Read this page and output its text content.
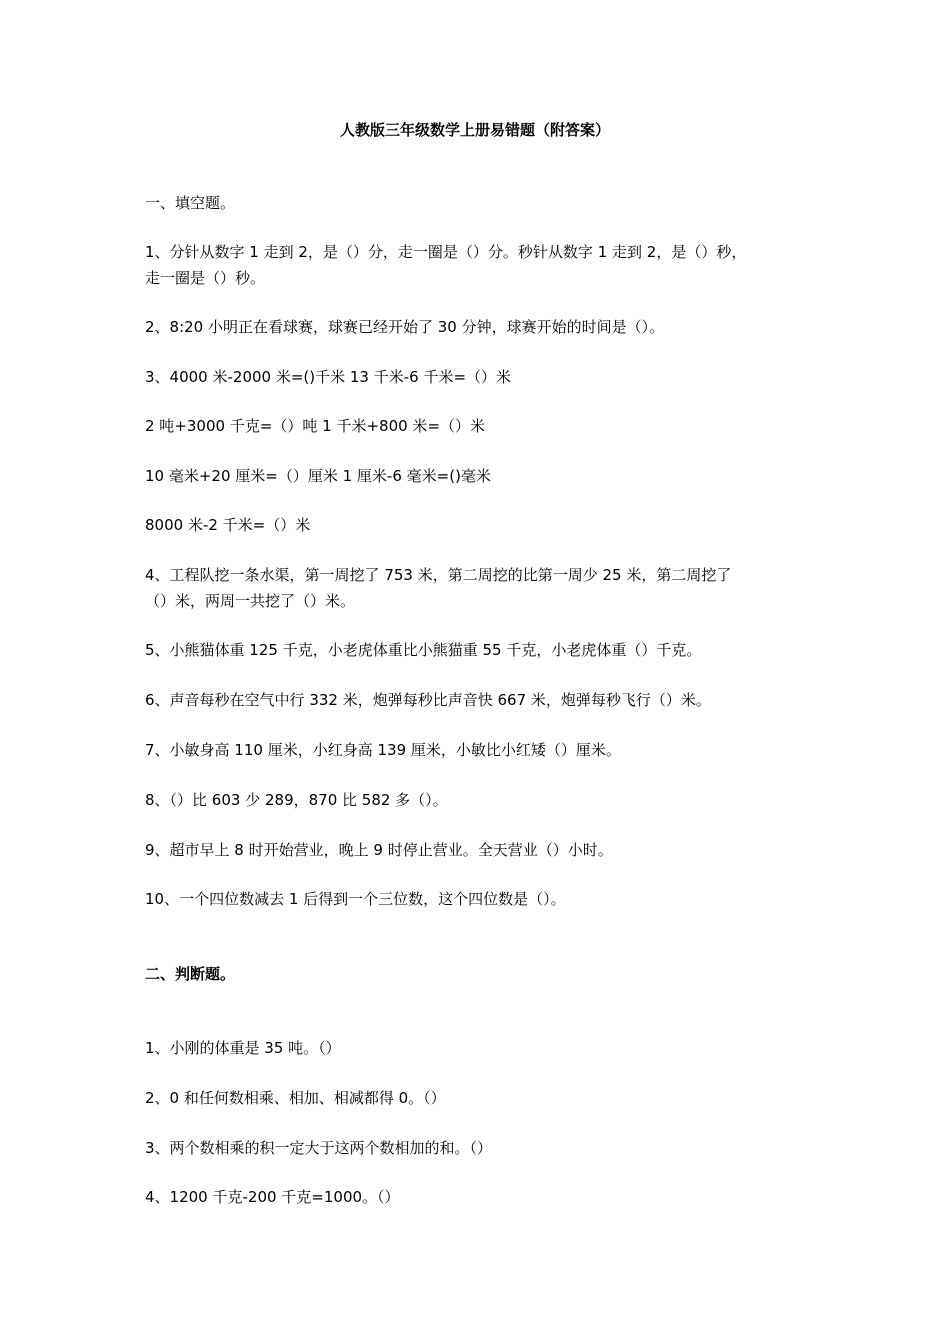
人教版三年级数学上册易错题（附答案）
一、填空题。
1、分针从数字 1 走到 2，是（）分，走一圈是（）分。秒针从数字 1 走到 2，是（）秒，
走一圈是（）秒。
2、8:20 小明正在看球赛，球赛已经开始了 30 分钟，球赛开始的时间是（）。
3、4000 米-2000 米=()千米 13 千米-6 千米=（）米
2 吨+3000 千克=（）吨 1 千米+800 米=（）米
10 毫米+20 厘米=（）厘米 1 厘米-6 毫米=()毫米
8000 米-2 千米=（）米
4、工程队挖一条水渠，第一周挖了 753 米，第二周挖的比第一周少 25 米，第二周挖了
（）米，两周一共挖了（）米。
5、小熊猫体重 125 千克，小老虎体重比小熊猫重 55 千克，小老虎体重（）千克。
6、声音每秒在空气中行 332 米，炮弹每秒比声音快 667 米，炮弹每秒飞行（）米。
7、小敏身高 110 厘米，小红身高 139 厘米，小敏比小红矮（）厘米。
8、（）比 603 少 289，870 比 582 多（）。
9、超市早上 8 时开始营业，晚上 9 时停止营业。全天营业（）小时。
10、一个四位数减去 1 后得到一个三位数，这个四位数是（）。
二、判断题。
1、小刚的体重是 35 吨。（）
2、0 和任何数相乘、相加、相减都得 0。（）
3、两个数相乘的积一定大于这两个数相加的和。（）
4、1200 千克-200 千克=1000。（）
